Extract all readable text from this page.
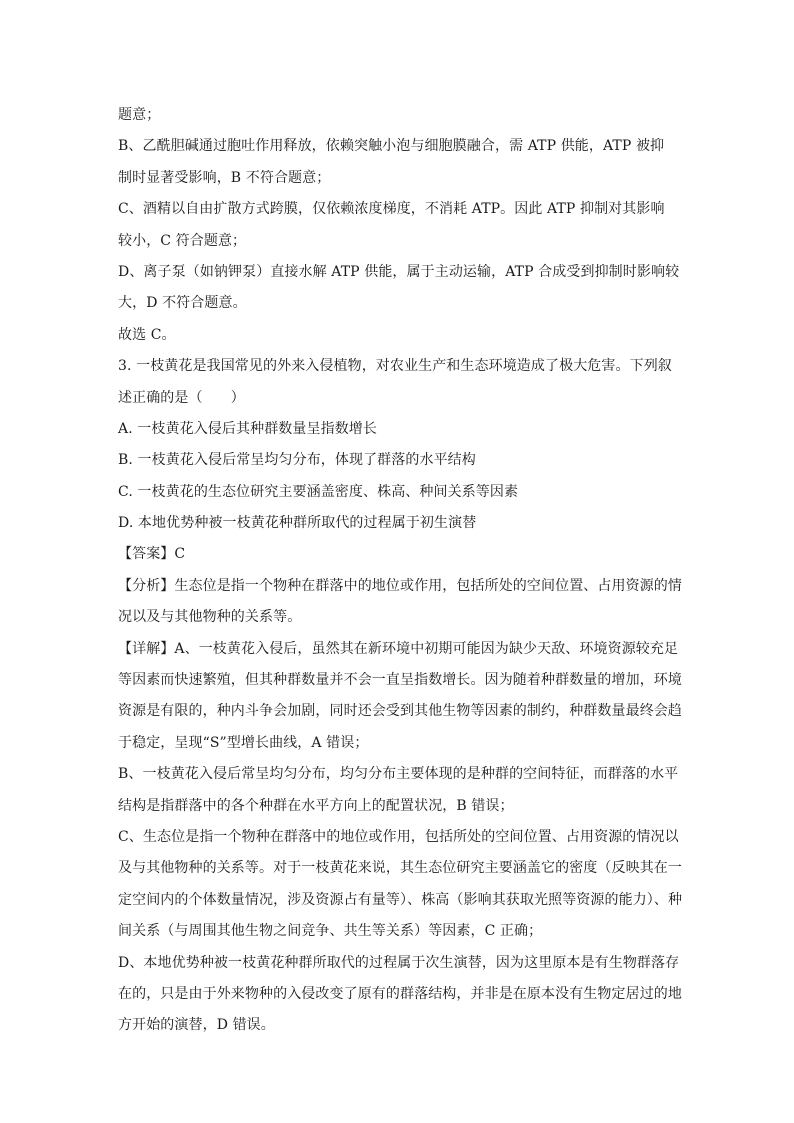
题意；
B、乙酰胆碱通过胞吐作用释放，依赖突触小泡与细胞膜融合，需 ATP 供能，ATP 被抑
制时显著受影响，B 不符合题意；
C、酒精以自由扩散方式跨膜，仅依赖浓度梯度，不消耗 ATP。因此 ATP 抑制对其影响
较小，C 符合题意；
D、离子泵（如钠钾泵）直接水解 ATP 供能，属于主动运输，ATP 合成受到抑制时影响较
大，D 不符合题意。
故选 C。
3. 一枝黄花是我国常见的外来入侵植物，对农业生产和生态环境造成了极大危害。下列叙
述正确的是（　　）
A. 一枝黄花入侵后其种群数量呈指数增长
B. 一枝黄花入侵后常呈均匀分布，体现了群落的水平结构
C. 一枝黄花的生态位研究主要涵盖密度、株高、种间关系等因素
D. 本地优势种被一枝黄花种群所取代的过程属于初生演替
【答案】C
【分析】生态位是指一个物种在群落中的地位或作用，包括所处的空间位置、占用资源的情
况以及与其他物种的关系等。
【详解】A、一枝黄花入侵后，虽然其在新环境中初期可能因为缺少天敌、环境资源较充足
等因素而快速繁殖，但其种群数量并不会一直呈指数增长。因为随着种群数量的增加，环境
资源是有限的，种内斗争会加剧，同时还会受到其他生物等因素的制约，种群数量最终会趋
于稳定，呈现“S”型增长曲线，A 错误；
B、一枝黄花入侵后常呈均匀分布，均匀分布主要体现的是种群的空间特征，而群落的水平
结构是指群落中的各个种群在水平方向上的配置状况，B 错误；
C、生态位是指一个物种在群落中的地位或作用，包括所处的空间位置、占用资源的情况以
及与其他物种的关系等。对于一枝黄花来说，其生态位研究主要涵盖它的密度（反映其在一
定空间内的个体数量情况，涉及资源占有量等）、株高（影响其获取光照等资源的能力）、种
间关系（与周围其他生物之间竞争、共生等关系）等因素，C 正确；
D、本地优势种被一枝黄花种群所取代的过程属于次生演替，因为这里原本是有生物群落存
在的，只是由于外来物种的入侵改变了原有的群落结构，并非是在原本没有生物定居过的地
方开始的演替，D 错误。
